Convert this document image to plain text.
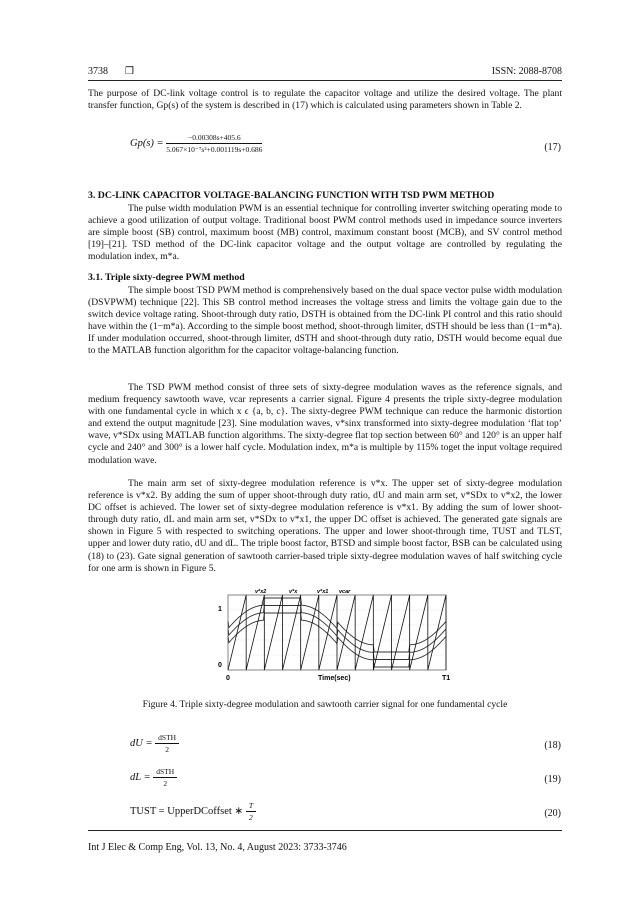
3738 ❒	ISSN: 2088-8708

The purpose of DC-link voltage control is to regulate the capacitor voltage and utilize the desired voltage. The plant transfer function, Gp(s) of the system is described in (17) which is calculated using parameters shown in Table 2.

$Gp(s) = \frac{-0.00308s+405.6}{\text{5.067×10⁻⁷s²+0.001119s+0.686}}$	(17)
3. DC-LINK CAPACITOR VOLTAGE-BALANCING FUNCTION WITH TSD PWM METHOD

The pulse width modulation PWM is an essential technique for controlling inverter switching operating mode to achieve a good utilization of output voltage. Traditional boost PWM control methods used in impedance source inverters are simple boost (SB) control, maximum boost (MB) control, maximum constant boost (MCB), and SV control method [19]–[21]. TSD method of the DC-link capacitor voltage and the output voltage are controlled by regulating the modulation index, m*a.

3.1. Triple sixty-degree PWM method

The simple boost TSD PWM method is comprehensively based on the dual space vector pulse width modulation (DSVPWM) technique [22]. This SB control method increases the voltage stress and limits the voltage gain due to the switch device voltage rating. Shoot-through duty ratio, DSTH is obtained from the DC-link PI control and this ratio should have within the (1−m*a). According to the simple boost method, shoot-through limiter, dSTH should be less than (1−m*a). If under modulation occurred, shoot-through limiter, dSTH and shoot-through duty ratio, DSTH would become equal due to the MATLAB function algorithm for the capacitor voltage-balancing function.

The TSD PWM method consist of three sets of sixty-degree modulation waves as the reference signals, and medium frequency sawtooth wave, vcar represents a carrier signal. Figure 4 presents the triple sixty-degree modulation with one fundamental cycle in which x ϵ {a, b, c}. The sixty-degree PWM technique can reduce the harmonic distortion and extend the output magnitude [23]. Sine modulation waves, v*sinx transformed into sixty-degree modulation ‘flat top’ wave, v*SDx using MATLAB function algorithms. The sixty-degree flat top section between 60° and 120° is an upper half cycle and 240° and 300° is a lower half cycle. Modulation index, m*a is multiple by 115% toget the input voltage required modulation wave.

The main arm set of sixty-degree modulation reference is v*x. The upper set of sixty-degree modulation reference is v*x2. By adding the sum of upper shoot-through duty ratio, dU and main arm set, v*SDx to v*x2, the lower DC offset is achieved. The lower set of sixty-degree modulation reference is v*x1. By adding the sum of lower shoot-through duty ratio, dL and main arm set, v*SDx to v*x1, the upper DC offset is achieved. The generated gate signals are shown in Figure 5 with respected to switching operations. The upper and lower shoot-through time, TUST and TLST, upper and lower duty ratio, dU and dL. The triple boost factor, BTSD and simple boost factor, BSB can be calculated using (18) to (23). Gate signal generation of sawtooth carrier-based triple sixty-degree modulation waves of half switching cycle for one arm is shown in Figure 5.

1
0
0	Time(sec)	T1
v*x2	v*x	v*x1 vcar
Figure 4. Triple sixty-degree modulation and sawtooth carrier signal for one fundamental cycle
dU = $\frac{\text{dSTH}}{2}$	(18)
dL = $\frac{\text{dSTH}}{2}$	(19)
TUST = UpperDCoffset ∗ $\frac{T}{2}$	(20)
Int J Elec & Comp Eng, Vol. 13, No. 4, August 2023: 3733-3746
